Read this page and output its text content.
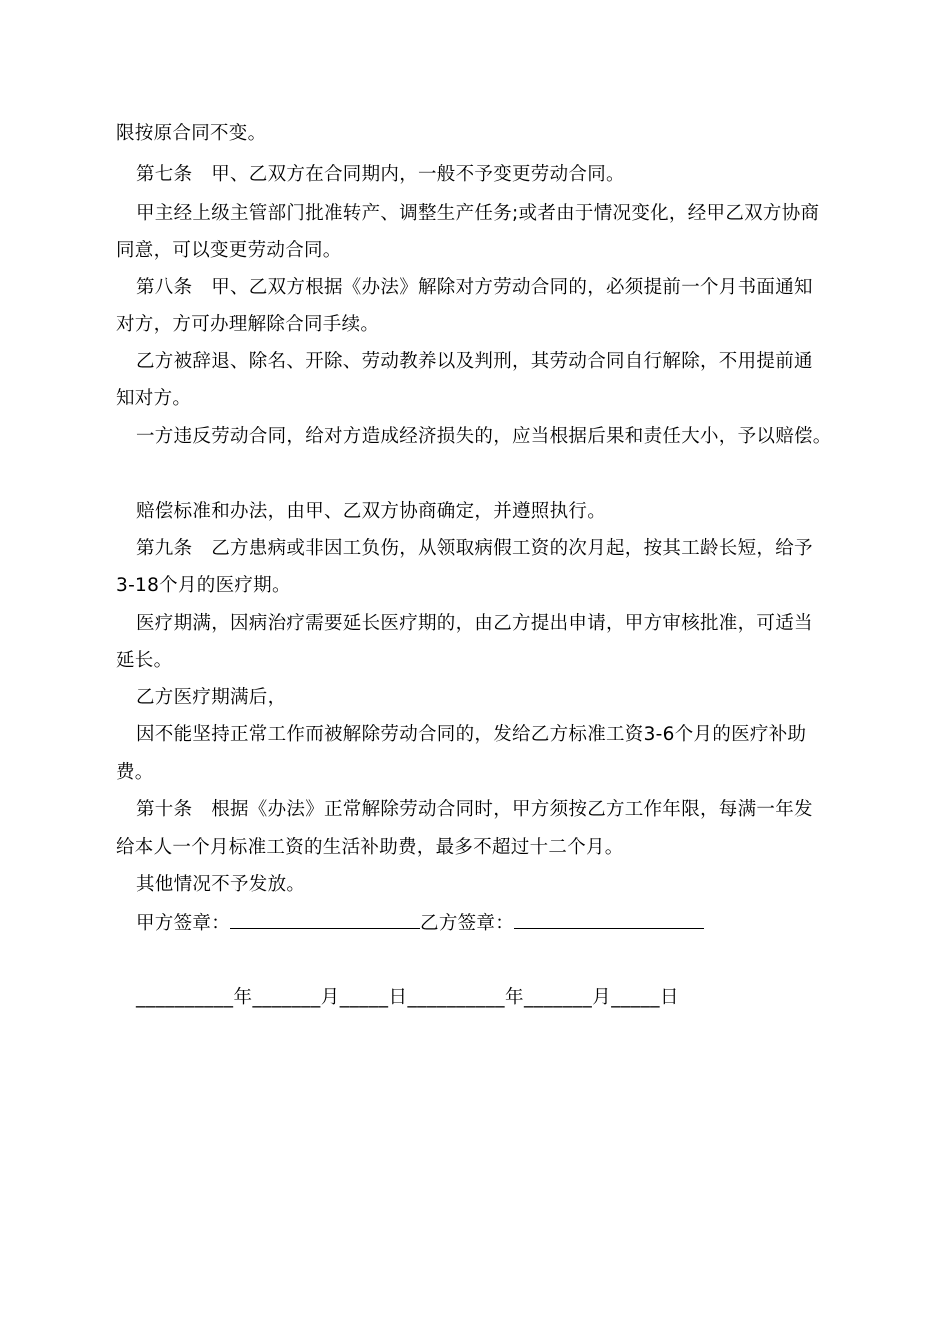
限按原合同不变。
第七条　甲、乙双方在合同期内，一般不予变更劳动合同。
甲主经上级主管部门批准转产、调整生产任务;或者由于情况变化，经甲乙双方协商
同意，可以变更劳动合同。
第八条　甲、乙双方根据《办法》解除对方劳动合同的，必须提前一个月书面通知
对方，方可办理解除合同手续。
乙方被辞退、除名、开除、劳动教养以及判刑，其劳动合同自行解除，不用提前通
知对方。
一方违反劳动合同，给对方造成经济损失的，应当根据后果和责任大小，予以赔偿。
赔偿标准和办法，由甲、乙双方协商确定，并遵照执行。
第九条　乙方患病或非因工负伤，从领取病假工资的次月起，按其工龄长短，给予
3-18个月的医疗期。
医疗期满，因病治疗需要延长医疗期的，由乙方提出申请，甲方审核批准，可适当
延长。
乙方医疗期满后，
因不能坚持正常工作而被解除劳动合同的，发给乙方标准工资3-6个月的医疗补助
费。
第十条　根据《办法》正常解除劳动合同时，甲方须按乙方工作年限，每满一年发
给本人一个月标准工资的生活补助费，最多不超过十二个月。
其他情况不予发放。
甲方签章：	乙方签章：
__________年_______月_____日__________年_______月_____日
